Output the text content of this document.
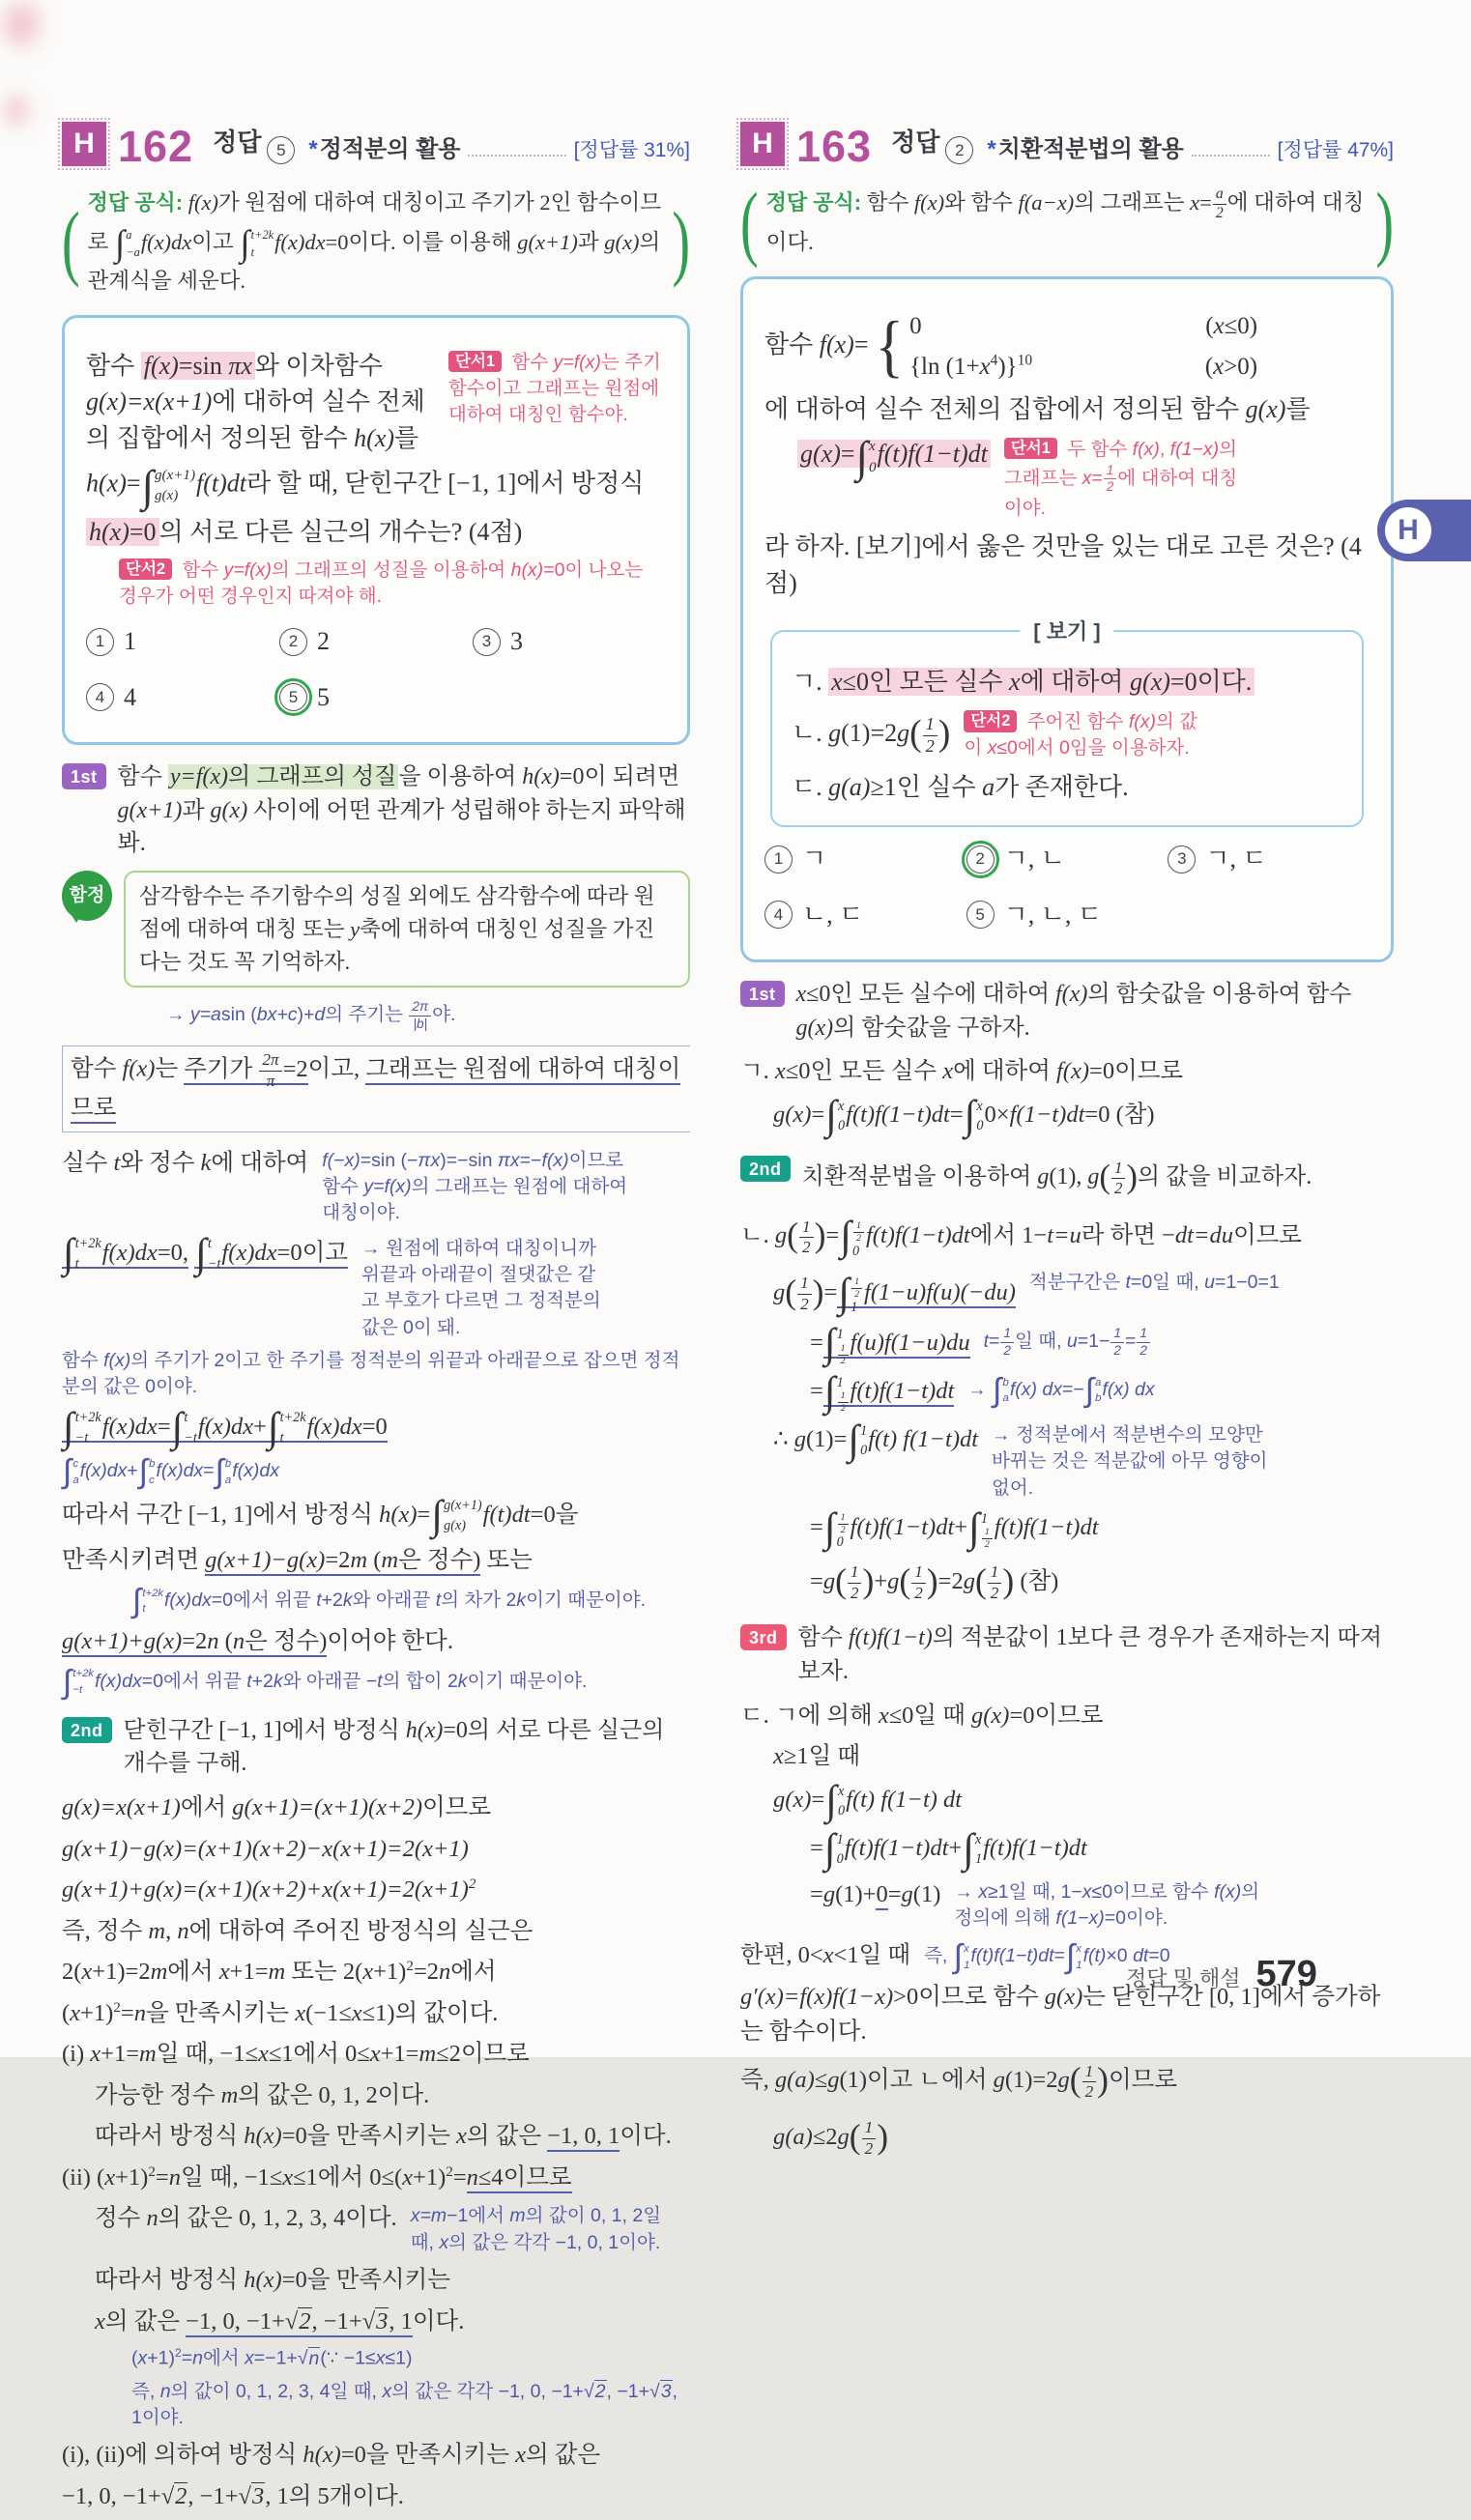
H 162 정답 5 *정적분의 활용	[정답률 31%]
( 정답 공식: f(x)가 원점에 대하여 대칭이고 주기가 2인 함수이므로 ∫ a
−a f(x)dx이고 ∫ t+2k
t f(x)dx=0이다. 이를 이용해 g(x+1)과 g(x)의 관계식을 세운다.	)
함수 f(x)=sin πx 와 이차함수 g(x)=x(x+1)에 대하여 실수 전체의 집합에서 정의된 함수 h(x)를
단서1 함수 y=f(x)는 주기함수이고 그래프는 원점에 대하여 대칭인 함수야.
h(x)= ∫ g(x+1)
g(x) f(t)dt라 할 때, 닫힌구간 [−1, 1]에서 방정식
h(x)=0 의 서로 다른 실근의 개수는? (4점)
단서2 함수 y=f(x)의 그래프의 성질을 이용하여 h(x)=0이 나오는 경우가 어떤 경우인지 따져야 해.
1 1	2 2	3 3
4 4	5 5
1st 함수 y=f(x)의 그래프의 성질을 이용하여 h(x)=0이 되려면 g(x+1)과 g(x) 사이에 어떤 관계가 성립해야 하는지 파악해 봐.
함정	삼각함수는 주기함수의 성질 외에도 삼각함수에 따라 원점에 대하여 대칭 또는 y축에 대하여 대칭인 성질을 가진다는 것도 꼭 기억하자.
→ y=asin (bx+c)+d의 주기는 $\frac{2\pi}{|b|}$ 야.
함수 f(x)는 주기가 $\frac{2\pi}{\pi} =2$이고, 그래프는 원점에 대하여 대칭이므로
실수 t와 정수 k에 대하여 f(−x)=sin (−πx)=−sin πx=−f(x)이므로 함수 y=f(x)의 그래프는 원점에 대하여 대칭이야.
∫ t+2k
t f(x)dx=0, ∫ t
−t f(x)dx=0이고 → 원점에 대하여 대칭이니까 위끝과 아래끝이 절댓값은 같고 부호가 다르면 그 정적분의 값은 0이 돼.
함수 f(x)의 주기가 2이고 한 주기를 정적분의 위끝과 아래끝으로 잡으면 정적분의 값은 0이야.
∫ t+2k
−t f(x)dx= ∫ t
−t f(x)dx+ ∫ t+2k
t f(x)dx=0
∫ c
a f(x)dx+ ∫ b
c f(x)dx= ∫ b
a f(x)dx
따라서 구간 [−1, 1]에서 방정식 h(x)= ∫ g(x+1)
g(x) f(t)dt=0을
만족시키려면 g(x+1)−g(x)=2m (m은 정수) 또는
∫ t+2k
t	f(x)dx=0에서 위끝 t+2k와 아래끝 t의 차가 2k이기 때문이야.
g(x+1)+g(x)=2n (n은 정수)이어야 한다.
∫ t+2k
−t f(x)dx=0에서 위끝 t+2k와 아래끝 −t의 합이 2k이기 때문이야.
2nd 닫힌구간 [−1, 1]에서 방정식 h(x)=0의 서로 다른 실근의 개수를 구해.
g(x)=x(x+1)에서 g(x+1)=(x+1)(x+2)이므로
g(x+1)−g(x)=(x+1)(x+2)−x(x+1)=2(x+1)
$g(x+1)+g(x)=(x+1)(x+2)+x(x+1)=2(x+1)^2$
즉, 정수 m, n에 대하여 주어진 방정식의 실근은
2(x+1)=2m에서 x+1=m 또는 $2(x+1)^2=2n$에서
$(x+1)^2=n$을 만족시키는 x(−1≤x≤1)의 값이다.
(i) x+1=m일 때, −1≤x≤1에서 0≤x+1=m≤2이므로
가능한 정수 m의 값은 0, 1, 2이다.
따라서 방정식 h(x)=0을 만족시키는 x의 값은 −1, 0, 1이다.
(ii) $(x+1)^2=n$일 때, −1≤x≤1에서 $0\le(x+1)^2=n\le 4$이므로
정수 n의 값은 0, 1, 2, 3, 4이다. x=m−1에서 m의 값이 0, 1, 2일 때, x의 값은 각각 −1, 0, 1이야.
따라서 방정식 h(x)=0을 만족시키는
x의 값은 −1, 0, −1+√2, −1+√3, 1이다.
$(x+1)^2=n$에서 x=−1+√n(∵ −1≤x≤1)
즉, n의 값이 0, 1, 2, 3, 4일 때, x의 값은 각각 −1, 0, −1+√2, −1+√3, 1이야.
(i), (ii)에 의하여 방정식 h(x)=0을 만족시키는 x의 값은
−1, 0, −1+√2, −1+√3, 1의 5개이다.
H 163 정답 2 *치환적분법의 활용	[정답률 47%]
( 정답 공식: 함수 f(x)와 함수 f(a−x)의 그래프는 $x= \frac{a}{2}$ 에 대하여 대칭이다.	)
함수 f(x)= { 0	(x≤0)
{ln $(1+x^4)\}^{10}$	(x>0)
에 대하여 실수 전체의 집합에서 정의된 함수 g(x)를
g(x)= ∫ x
0 f(t)f(1−t)dt	단서1 두 함수 f(x), f(1−x)의 그래프는 $x= \frac{1}{2}$ 에 대하여 대칭이야.
라 하자. [보기]에서 옳은 것만을 있는 대로 고른 것은? (4점)
[ 보기 ]
ㄱ. x≤0인 모든 실수 x에 대하여 g(x)=0이다.
ㄴ. $g(1)=2g( \frac{1}{2}$ )	단서2 주어진 함수 f(x)의 값이 x≤0에서 0임을 이용하자.
ㄷ. g(a)≥1인 실수 a가 존재한다.
1 ㄱ	2 ㄱ, ㄴ	3 ㄱ, ㄷ
4 ㄴ, ㄷ	5 ㄱ, ㄴ, ㄷ
1st x≤0인 모든 실수에 대하여 f(x)의 함숫값을 이용하여 함수 g(x)의 함숫값을 구하자.
ㄱ. x≤0인 모든 실수 x에 대하여 f(x)=0이므로
g(x)= ∫ x
0 f(t)f(1−t)dt= ∫ x
0 0×f(1−t)dt=0 (참)
2nd 치환적분법을 이용하여 g(1), $g( \frac{1}{2}$ )의 값을 비교하자.
ㄴ. $g( \frac{1}{2}$ )= ∫ $\frac{1}{2}$
0
f(t)f(1−t)dt에서 1−t=u라 하면 −dt=du이므로
$g( \frac{1}{2}$ )= ∫ $\frac{1}{2}$
1
f(1−u)f(u)(−du) 적분구간은 t=0일 때, u=1−0=1
= ∫ 1
$\frac{1}{2} f(u)f(1-u)du$ $t= \frac{1}{2}$ 일 때, $u=1- \frac{1}{2} = \frac{1}{2}$
= ∫ 1
$\frac{1}{2} f(t)f(1-t)dt$ → ∫ b
a f(x) dx=− ∫ a
b f(x) dx
∴ g(1)= ∫ 1
0 f(t) f(1−t)dt → 정적분에서 적분변수의 모양만 바뀌는 것은 적분값에 아무 영향이 없어.
= ∫ $\frac{1}{2}$
0
f(t)f(1−t)dt+ ∫ 1
$\frac{1}{2} f(t)f(1-t)dt$
$=g( \frac{1}{2} )+g( \frac{1}{2} )=2g( \frac{1}{2}$ ) (참)
3rd 함수 f(t)f(1−t)의 적분값이 1보다 큰 경우가 존재하는지 따져 보자.
ㄷ. ㄱ에 의해 x≤0일 때 g(x)=0이므로
x≥1일 때
g(x)= ∫ x
0 f(t) f(1−t) dt
= ∫ 1
0 f(t)f(1−t)dt+ ∫ x
1 f(t)f(1−t)dt
=g(1)+0=g(1) → x≥1일 때, 1−x≤0이므로 함수 f(x)의 정의에 의해 f(1−x)=0이야.
한편, 0<x<1일 때 즉, ∫ x
1 f(t)f(1−t)dt= ∫ x
1 f(t)×0 dt=0
g′(x)=f(x)f(1−x)>0이므로 함수 g(x)는 닫힌구간 [0, 1]에서 증가하는 함수이다.
즉, g(a)≤g(1)이고 ㄴ에서 $g(1)=2g( \frac{1}{2}$ )이므로
$g(a)\le 2g( \frac{1}{2}$ )
H
정답 및 해설 579
